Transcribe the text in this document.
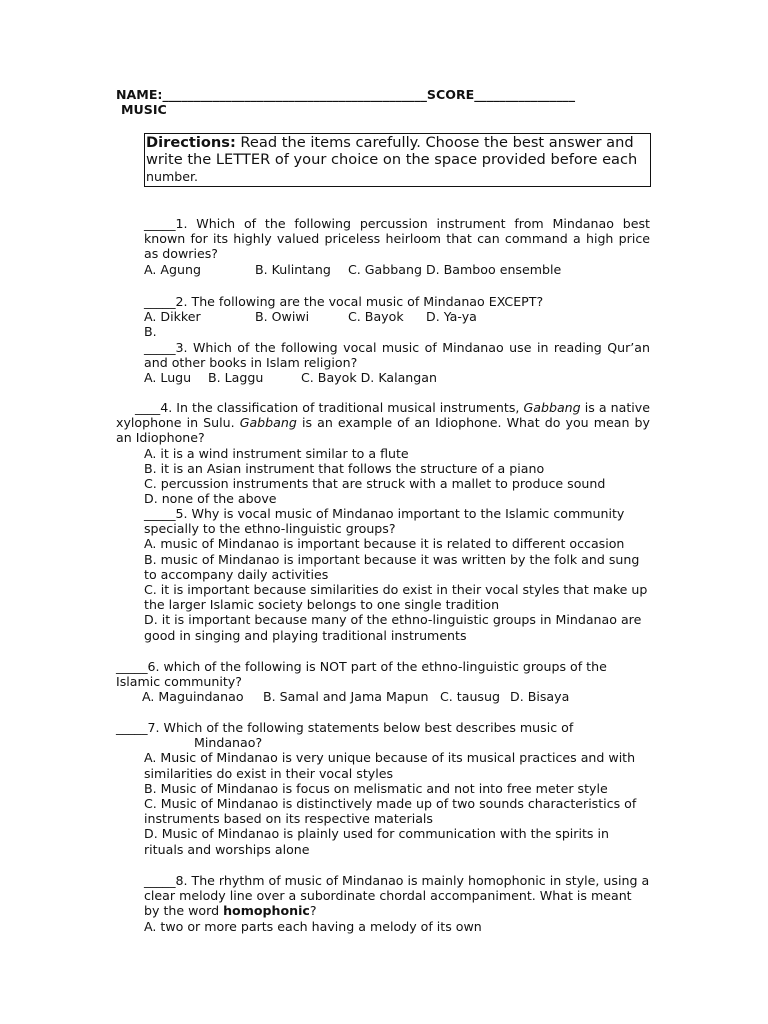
NAME:__________________________________________SCORE________________
MUSIC
Directions: Read the items carefully. Choose the best answer and write the LETTER of your choice on the space provided before each number.
_____1. Which of the following percussion instrument from Mindanao best known for its highly valued priceless heirloom that can command a high price as dowries?
A. Agung	B. Kulintang	C. Gabbang D. Bamboo ensemble
_____2. The following are the vocal music of Mindanao EXCEPT?
A. Dikker	B. Owiwi	C. Bayok	D. Ya-ya
B.
_____3. Which of the following vocal music of Mindanao use in reading Qur’an and other books in Islam religion?
A. Lugu	B. Laggu	C. Bayok D. Kalangan
____4. In the classification of traditional musical instruments, Gabbang is a native xylophone in Sulu. Gabbang is an example of an Idiophone. What do you mean by an Idiophone?
A. it is a wind instrument similar to a flute
B. it is an Asian instrument that follows the structure of a piano
C. percussion instruments that are struck with a mallet to produce sound
D. none of the above
_____5. Why is vocal music of Mindanao important to the Islamic community specially to the ethno-linguistic groups?
A. music of Mindanao is important because it is related to different occasion
B. music of Mindanao is important because it was written by the folk and sung to accompany daily activities
C. it is important because similarities do exist in their vocal styles that make up the larger Islamic society belongs to one single tradition
D. it is important because many of the ethno-linguistic groups in Mindanao are good in singing and playing traditional instruments
_____6. which of the following is NOT part of the ethno-linguistic groups of the Islamic community?
A. Maguindanao	B. Samal and Jama Mapun C. tausug D. Bisaya
_____7. Which of the following statements below best describes music of
Mindanao?
A. Music of Mindanao is very unique because of its musical practices and with similarities do exist in their vocal styles
B. Music of Mindanao is focus on melismatic and not into free meter style
C. Music of Mindanao is distinctively made up of two sounds characteristics of instruments based on its respective materials
D. Music of Mindanao is plainly used for communication with the spirits in rituals and worships alone
_____8. The rhythm of music of Mindanao is mainly homophonic in style, using a clear melody line over a subordinate chordal accompaniment. What is meant by the word homophonic?
A. two or more parts each having a melody of its own
